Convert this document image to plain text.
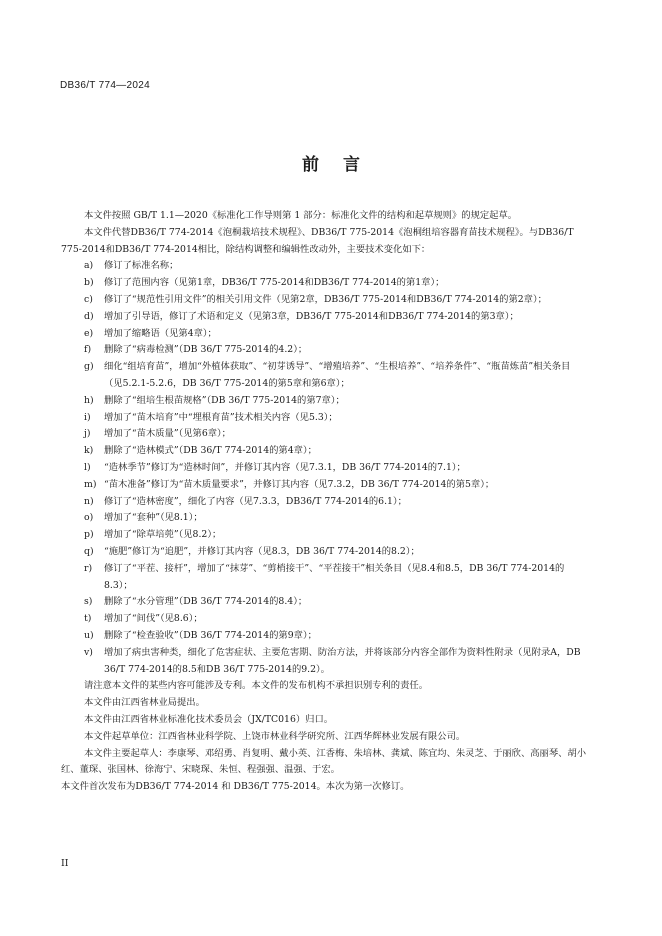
DB36/T 774—2024
前言
本文件按照 GB/T 1.1—2020《标准化工作导则第 1 部分：标准化文件的结构和起草规则》的规定起草。
本文件代替DB36/T 774-2014《泡桐栽培技术规程》、DB36/T 775-2014《泡桐组培容器育苗技术规程》。与DB36/T 775-2014和DB36/T 774-2014相比，除结构调整和编辑性改动外，主要技术变化如下：
a)	修订了标准名称；
b)	修订了范围内容（见第1章，DB36/T 775-2014和DB36/T 774-2014的第1章）；
c)	修订了“规范性引用文件”的相关引用文件（见第2章，DB36/T 775-2014和DB36/T 774-2014的第2章）；
d)	增加了引导语，修订了术语和定义（见第3章，DB36/T 775-2014和DB36/T 774-2014的第3章）；
e)	增加了缩略语（见第4章）；
f)	删除了“病毒检测”（DB 36/T 775-2014的4.2）；
g)	细化“组培育苗”，增加“外植体获取”、“初芽诱导”、“增殖培养”、“生根培养”、“培养条件”、“瓶苗炼苗”相关条目（见5.2.1-5.2.6，DB 36/T 775-2014的第5章和第6章）；
h)	删除了“组培生根苗规格”（DB 36/T 775-2014的第7章）；
i)	增加了“苗木培育”中“埋根育苗”技术相关内容（见5.3）；
j)	增加了“苗木质量”（见第6章）；
k)	删除了“造林模式”（DB 36/T 774-2014的第4章）；
l)	“造林季节”修订为“造林时间”，并修订其内容（见7.3.1，DB 36/T 774-2014的7.1）；
m) “苗木准备”修订为“苗木质量要求”，并修订其内容（见7.3.2，DB 36/T 774-2014的第5章）；
n)	修订了“造林密度”，细化了内容（见7.3.3，DB36/T 774-2014的6.1）；
o)	增加了“套种”（见8.1）；
p)	增加了“除草培蔸”（见8.2）；
q)	“施肥”修订为“追肥”，并修订其内容（见8.3，DB 36/T 774-2014的8.2）；
r)	修订了“平茬、接杆”，增加了“抹芽”、“剪梢接干”、“平茬接干”相关条目（见8.4和8.5，DB 36/T 774-2014的8.3）；
s)	删除了“水分管理”（DB 36/T 774-2014的8.4）；
t)	增加了“间伐”（见8.6）；
u)	删除了“检查验收”（DB 36/T 774-2014的第9章）；
v)	增加了病虫害种类，细化了危害症状、主要危害期、防治方法，并将该部分内容全部作为资料性附录（见附录A，DB 36/T 774-2014的8.5和DB 36/T 775-2014的9.2）。
请注意本文件的某些内容可能涉及专利。本文件的发布机构不承担识别专利的责任。
本文件由江西省林业局提出。
本文件由江西省林业标准化技术委员会（JX/TC016）归口。
本文件起草单位：江西省林业科学院、上饶市林业科学研究所、江西华辉林业发展有限公司。
本文件主要起草人：李康琴、邓绍勇、肖复明、戴小英、江香梅、朱培林、龚斌、陈宜均、朱灵芝、于丽欣、高丽琴、胡小红、董琛、张国林、徐海宁、宋晓琛、朱恒、程强强、温强、于宏。
本文件首次发布为DB36/T 774-2014 和 DB36/T 775-2014。本次为第一次修订。
II
